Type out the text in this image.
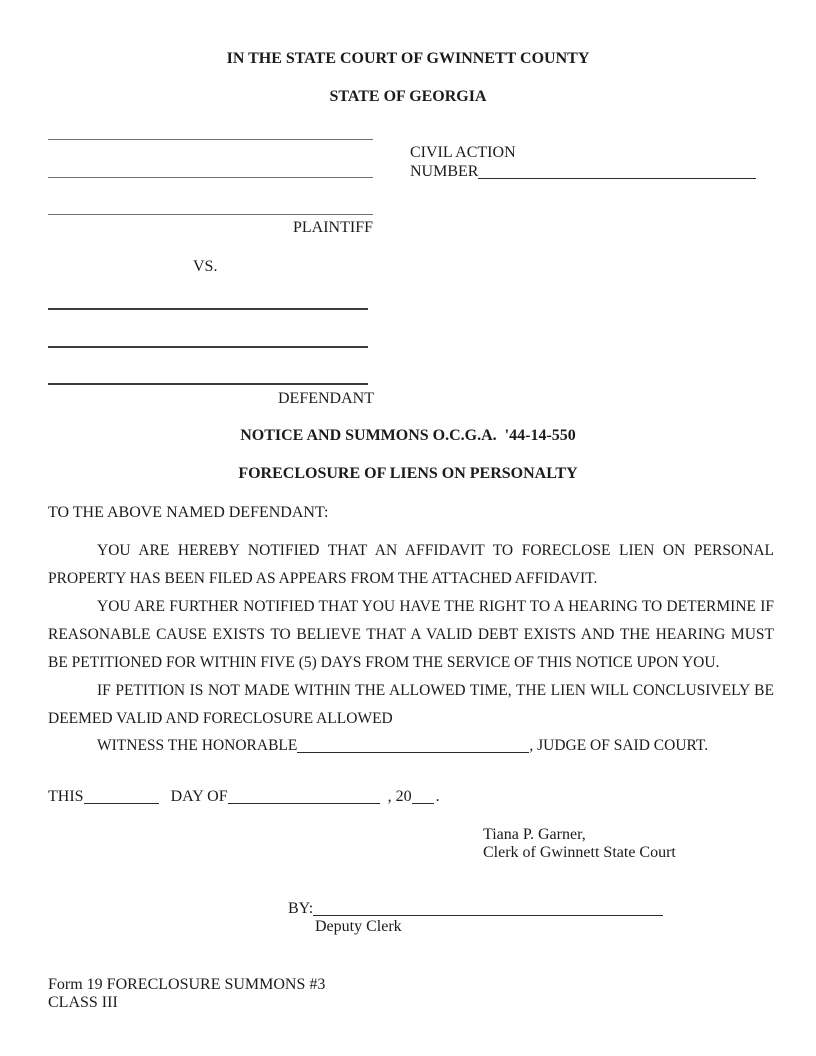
IN THE STATE COURT OF GWINNETT COUNTY
STATE OF GEORGIA
CIVIL ACTION
NUMBER
PLAINTIFF
VS.
DEFENDANT
NOTICE AND SUMMONS O.C.G.A.  '44-14-550
FORECLOSURE OF LIENS ON PERSONALTY
TO THE ABOVE NAMED DEFENDANT:
YOU ARE HEREBY NOTIFIED THAT AN AFFIDAVIT TO FORECLOSE LIEN ON PERSONAL PROPERTY HAS BEEN FILED AS APPEARS FROM THE ATTACHED AFFIDAVIT.
YOU ARE FURTHER NOTIFIED THAT YOU HAVE THE RIGHT TO A HEARING TO DETERMINE IF REASONABLE CAUSE EXISTS TO BELIEVE THAT A VALID DEBT EXISTS AND THE HEARING MUST BE PETITIONED FOR WITHIN FIVE (5) DAYS FROM THE SERVICE OF THIS NOTICE UPON YOU.
IF PETITION IS NOT MADE WITHIN THE ALLOWED TIME, THE LIEN WILL CONCLUSIVELY BE DEEMED VALID AND FORECLOSURE ALLOWED
WITNESS THE HONORABLE	, JUDGE OF SAID COURT.
THIS	DAY OF	, 20 .
Tiana P. Garner,
Clerk of Gwinnett State Court
BY:
Deputy Clerk
Form 19 FORECLOSURE SUMMONS #3
CLASS III
